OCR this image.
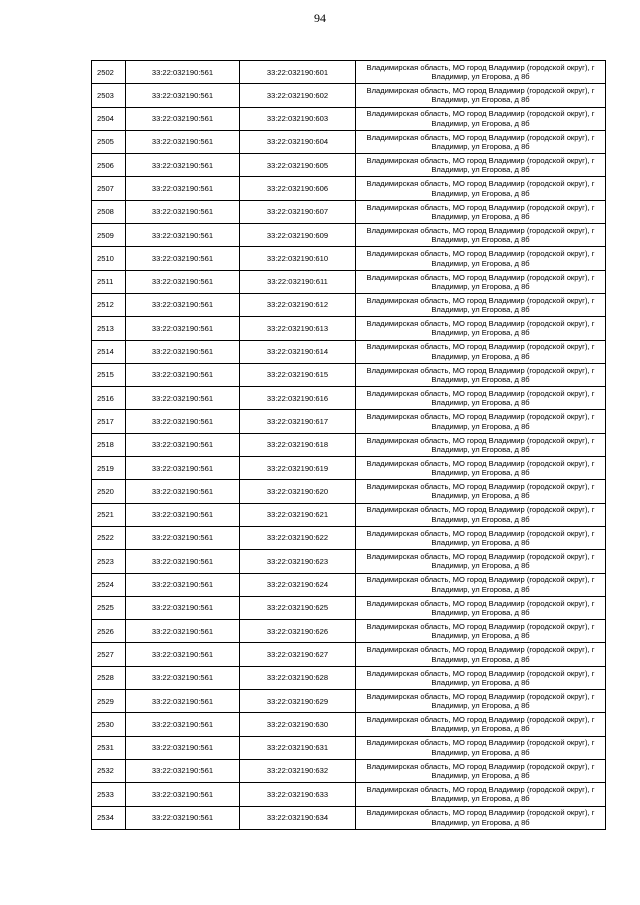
94
2502	33:22:032190:561	33:22:032190:601	Владимирская область, МО город Владимир (городской округ), г Владимир, ул Егорова, д 8б
2503	33:22:032190:561	33:22:032190:602	Владимирская область, МО город Владимир (городской округ), г Владимир, ул Егорова, д 8б
2504	33:22:032190:561	33:22:032190:603	Владимирская область, МО город Владимир (городской округ), г Владимир, ул Егорова, д 8б
2505	33:22:032190:561	33:22:032190:604	Владимирская область, МО город Владимир (городской округ), г Владимир, ул Егорова, д 8б
2506	33:22:032190:561	33:22:032190:605	Владимирская область, МО город Владимир (городской округ), г Владимир, ул Егорова, д 8б
2507	33:22:032190:561	33:22:032190:606	Владимирская область, МО город Владимир (городской округ), г Владимир, ул Егорова, д 8б
2508	33:22:032190:561	33:22:032190:607	Владимирская область, МО город Владимир (городской округ), г Владимир, ул Егорова, д 8б
2509	33:22:032190:561	33:22:032190:609	Владимирская область, МО город Владимир (городской округ), г Владимир, ул Егорова, д 8б
2510	33:22:032190:561	33:22:032190:610	Владимирская область, МО город Владимир (городской округ), г Владимир, ул Егорова, д 8б
2511	33:22:032190:561	33:22:032190:611	Владимирская область, МО город Владимир (городской округ), г Владимир, ул Егорова, д 8б
2512	33:22:032190:561	33:22:032190:612	Владимирская область, МО город Владимир (городской округ), г Владимир, ул Егорова, д 8б
2513	33:22:032190:561	33:22:032190:613	Владимирская область, МО город Владимир (городской округ), г Владимир, ул Егорова, д 8б
2514	33:22:032190:561	33:22:032190:614	Владимирская область, МО город Владимир (городской округ), г Владимир, ул Егорова, д 8б
2515	33:22:032190:561	33:22:032190:615	Владимирская область, МО город Владимир (городской округ), г Владимир, ул Егорова, д 8б
2516	33:22:032190:561	33:22:032190:616	Владимирская область, МО город Владимир (городской округ), г Владимир, ул Егорова, д 8б
2517	33:22:032190:561	33:22:032190:617	Владимирская область, МО город Владимир (городской округ), г Владимир, ул Егорова, д 8б
2518	33:22:032190:561	33:22:032190:618	Владимирская область, МО город Владимир (городской округ), г Владимир, ул Егорова, д 8б
2519	33:22:032190:561	33:22:032190:619	Владимирская область, МО город Владимир (городской округ), г Владимир, ул Егорова, д 8б
2520	33:22:032190:561	33:22:032190:620	Владимирская область, МО город Владимир (городской округ), г Владимир, ул Егорова, д 8б
2521	33:22:032190:561	33:22:032190:621	Владимирская область, МО город Владимир (городской округ), г Владимир, ул Егорова, д 8б
2522	33:22:032190:561	33:22:032190:622	Владимирская область, МО город Владимир (городской округ), г Владимир, ул Егорова, д 8б
2523	33:22:032190:561	33:22:032190:623	Владимирская область, МО город Владимир (городской округ), г Владимир, ул Егорова, д 8б
2524	33:22:032190:561	33:22:032190:624	Владимирская область, МО город Владимир (городской округ), г Владимир, ул Егорова, д 8б
2525	33:22:032190:561	33:22:032190:625	Владимирская область, МО город Владимир (городской округ), г Владимир, ул Егорова, д 8б
2526	33:22:032190:561	33:22:032190:626	Владимирская область, МО город Владимир (городской округ), г Владимир, ул Егорова, д 8б
2527	33:22:032190:561	33:22:032190:627	Владимирская область, МО город Владимир (городской округ), г Владимир, ул Егорова, д 8б
2528	33:22:032190:561	33:22:032190:628	Владимирская область, МО город Владимир (городской округ), г Владимир, ул Егорова, д 8б
2529	33:22:032190:561	33:22:032190:629	Владимирская область, МО город Владимир (городской округ), г Владимир, ул Егорова, д 8б
2530	33:22:032190:561	33:22:032190:630	Владимирская область, МО город Владимир (городской округ), г Владимир, ул Егорова, д 8б
2531	33:22:032190:561	33:22:032190:631	Владимирская область, МО город Владимир (городской округ), г Владимир, ул Егорова, д 8б
2532	33:22:032190:561	33:22:032190:632	Владимирская область, МО город Владимир (городской округ), г Владимир, ул Егорова, д 8б
2533	33:22:032190:561	33:22:032190:633	Владимирская область, МО город Владимир (городской округ), г Владимир, ул Егорова, д 8б
2534	33:22:032190:561	33:22:032190:634	Владимирская область, МО город Владимир (городской округ), г Владимир, ул Егорова, д 8б
